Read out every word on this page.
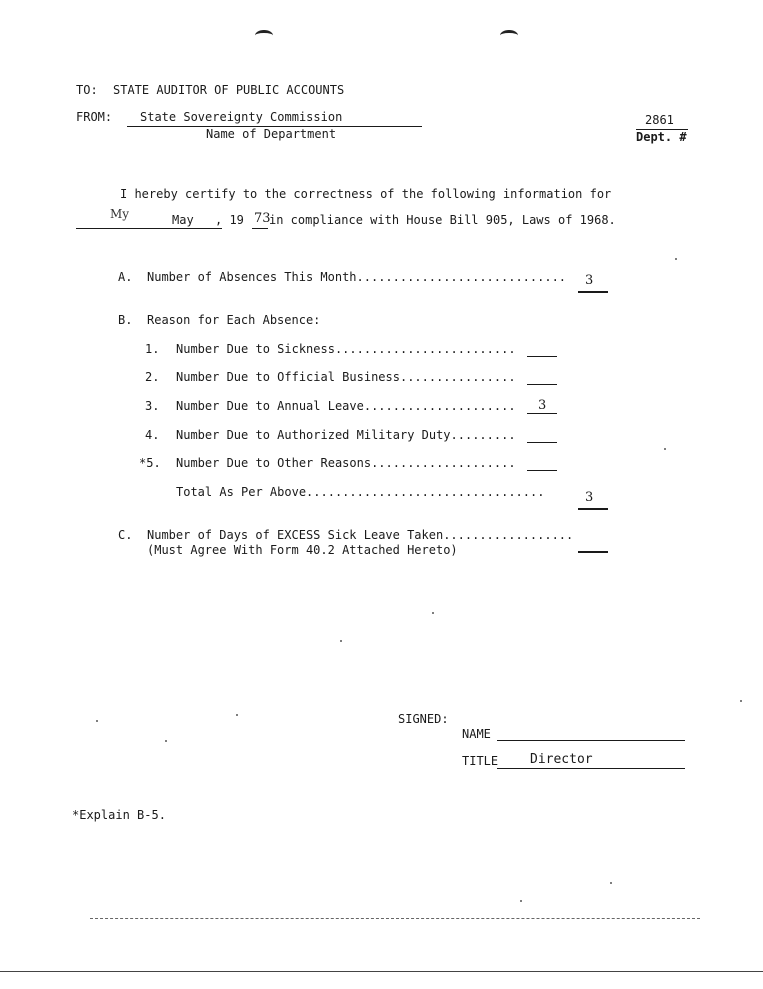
TO: STATE AUDITOR OF PUBLIC ACCOUNTS
FROM: State Sovereignty Commission
Name of Department
2861
Dept. #
I hereby certify to the correctness of the following information for
My	May , 19 73
in compliance with House Bill 905, Laws of 1968.
A. Number of Absences This Month............................. 3
B. Reason for Each Absence:
1. Number Due to Sickness.........................
2. Number Due to Official Business................
3. Number Due to Annual Leave..................... 3
4. Number Due to Authorized Military Duty.........
*5. Number Due to Other Reasons....................
Total As Per Above.................................	3
C. Number of Days of EXCESS Sick Leave Taken..................
(Must Agree With Form 40.2 Attached Hereto)
SIGNED:
NAME
TITLE Director
*Explain B-5.
